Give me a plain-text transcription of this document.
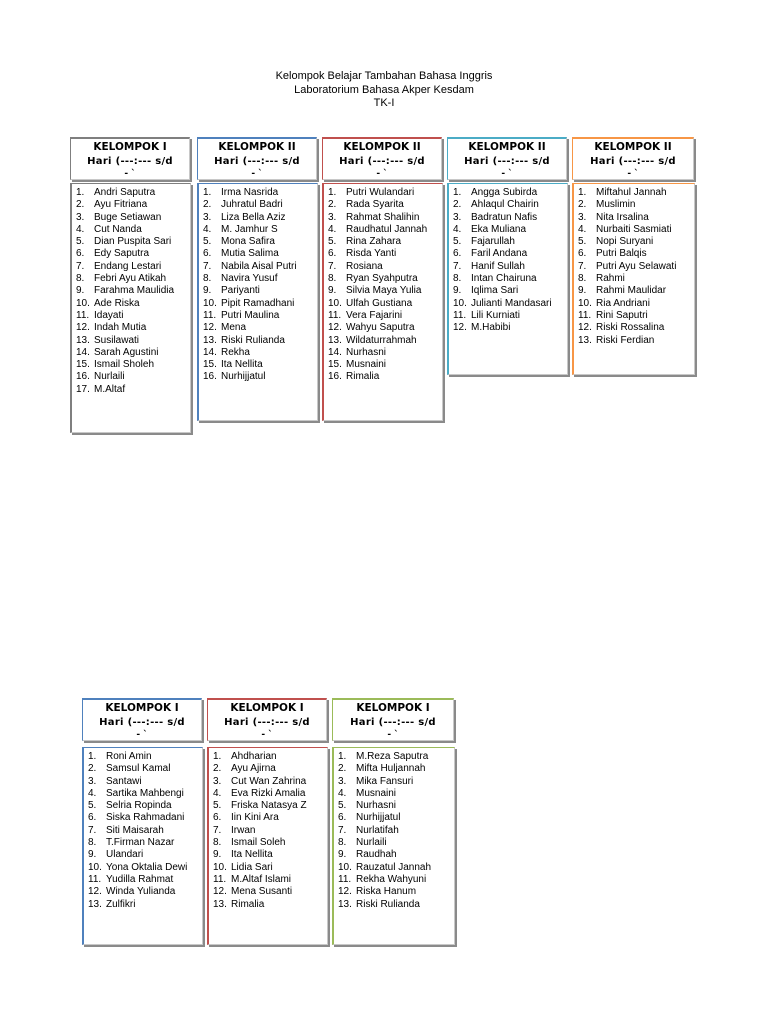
Kelompok Belajar Tambahan Bahasa Inggris
Laboratorium Bahasa Akper Kesdam
TK-I
KELOMPOK I
Hari (---:--- s/d
- `
1. Andri Saputra
2. Ayu Fitriana
3. Buge Setiawan
4. Cut Nanda
5. Dian Puspita Sari
6. Edy Saputra
7. Endang Lestari
8. Febri Ayu Atikah
9. Farahma Maulidia
10. Ade Riska
11. Idayati
12. Indah Mutia
13. Susilawati
14. Sarah Agustini
15. Ismail Sholeh
16. Nurlaili
17. M.Altaf
KELOMPOK II
Hari (---:--- s/d
- `
1. Irma Nasrida
2. Juhratul Badri
3. Liza Bella Aziz
4. M. Jamhur S
5. Mona Safira
6. Mutia Salima
7. Nabila Aisal Putri
8. Navira Yusuf
9. Pariyanti
10. Pipit Ramadhani
11. Putri Maulina
12. Mena
13. Riski Rulianda
14. Rekha
15. Ita Nellita
16. Nurhijjatul
KELOMPOK II
Hari (---:--- s/d
- `
1. Putri Wulandari
2. Rada Syarita
3. Rahmat Shalihin
4. Raudhatul Jannah
5. Rina Zahara
6. Risda Yanti
7. Rosiana
8. Ryan Syahputra
9. Silvia Maya Yulia
10. Ulfah Gustiana
11. Vera Fajarini
12. Wahyu Saputra
13. Wildaturrahmah
14. Nurhasni
15. Musnaini
16. Rimalia
KELOMPOK II
Hari (---:--- s/d
- `
1. Angga Subirda
2. Ahlaqul Chairin
3. Badratun Nafis
4. Eka Muliana
5. Fajarullah
6. Faril Andana
7. Hanif Sullah
8. Intan Chairuna
9. Iqlima Sari
10. Julianti Mandasari
11. Lili Kurniati
12. M.Habibi
KELOMPOK II
Hari (---:--- s/d
- `
1. Miftahul Jannah
2. Muslimin
3. Nita Irsalina
4. Nurbaiti Sasmiati
5. Nopi Suryani
6. Putri Balqis
7. Putri Ayu Selawati
8. Rahmi
9. Rahmi Maulidar
10. Ria Andriani
11. Rini Saputri
12. Riski Rossalina
13. Riski Ferdian
KELOMPOK I
Hari (---:--- s/d
- `
1. Roni Amin
2. Samsul Kamal
3. Santawi
4. Sartika Mahbengi
5. Selria Ropinda
6. Siska Rahmadani
7. Siti Maisarah
8. T.Firman Nazar
9. Ulandari
10. Yona Oktalia Dewi
11. Yudilla Rahmat
12. Winda Yulianda
13. Zulfikri
KELOMPOK I
Hari (---:--- s/d
- `
1. Ahdharian
2. Ayu Ajirna
3. Cut Wan Zahrina
4. Eva Rizki Amalia
5. Friska Natasya Z
6. Iin Kini Ara
7. Irwan
8. Ismail Soleh
9. Ita Nellita
10. Lidia Sari
11. M.Altaf Islami
12. Mena Susanti
13. Rimalia
KELOMPOK I
Hari (---:--- s/d
- `
1. M.Reza Saputra
2. Mifta Huljannah
3. Mika Fansuri
4. Musnaini
5. Nurhasni
6. Nurhijjatul
7. Nurlatifah
8. Nurlaili
9. Raudhah
10. Rauzatul Jannah
11. Rekha Wahyuni
12. Riska Hanum
13. Riski Rulianda
